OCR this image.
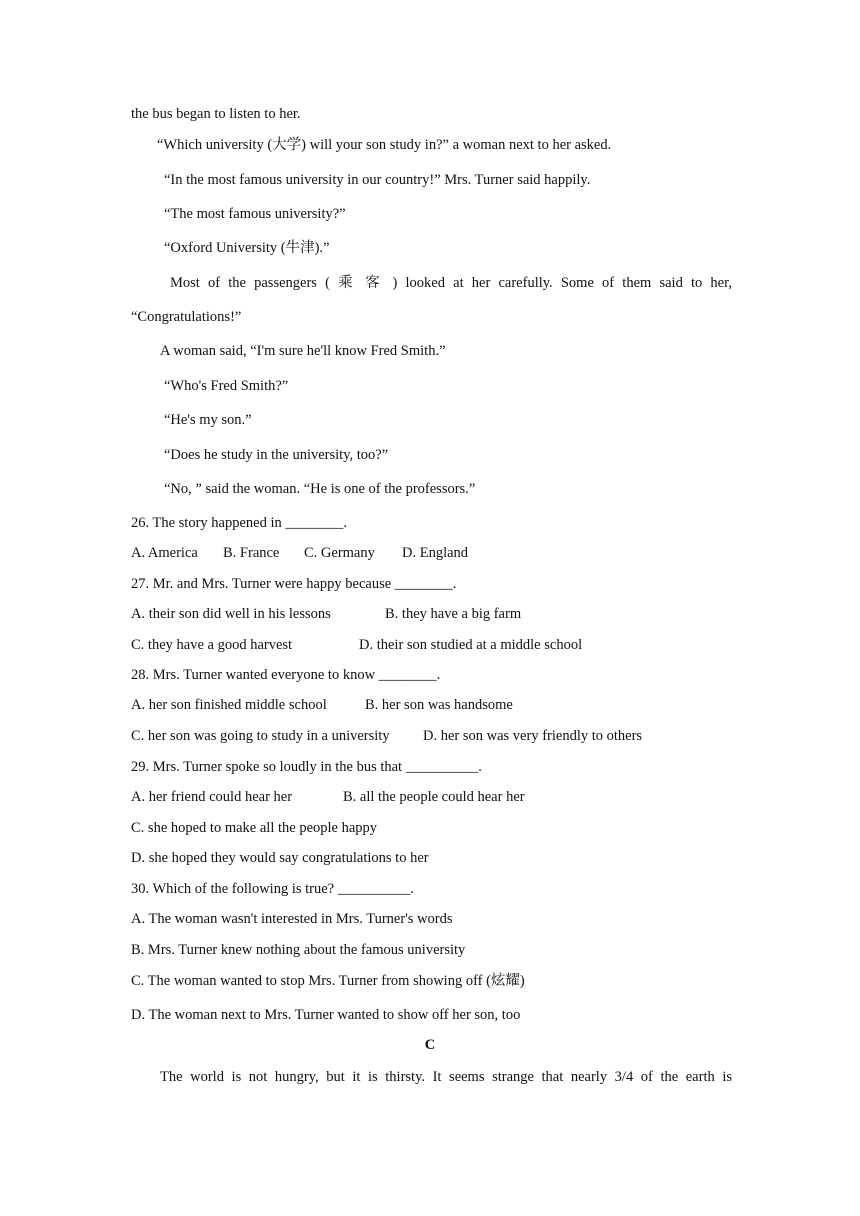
the bus began to listen to her.
“Which university (大学) will your son study in?” a woman next to her asked.
“In the most famous university in our country!” Mrs. Turner said happily.
“The most famous university?”
“Oxford University (牛津).”
Most of the passengers ( 乘 客 ) looked at her carefully. Some of them said to her,
“Congratulations!”
A woman said, “I'm sure he'll know Fred Smith.”
“Who's Fred Smith?”
“He's my son.”
“Does he study in the university, too?”
“No, ” said the woman. “He is one of the professors.”
26. The story happened in ________.
A. America	B. France	C. Germany	D. England
27. Mr. and Mrs. Turner were happy because ________.
A. their son did well in his lessons	B. they have a big farm
C. they have a good harvest	D. their son studied at a middle school
28. Mrs. Turner wanted everyone to know ________.
A. her son finished middle school	B. her son was handsome
C. her son was going to study in a university	D. her son was very friendly to others
29. Mrs. Turner spoke so loudly in the bus that __________.
A. her friend could hear her	B. all the people could hear her
C. she hoped to make all the people happy
D. she hoped they would say congratulations to her
30. Which of the following is true? __________.
A. The woman wasn't interested in Mrs. Turner's words
B. Mrs. Turner knew nothing about the famous university
C. The woman wanted to stop Mrs. Turner from showing off (炫耀)
D. The woman next to Mrs. Turner wanted to show off her son, too
C
The world is not hungry, but it is thirsty. It seems strange that nearly 3/4 of the earth is
